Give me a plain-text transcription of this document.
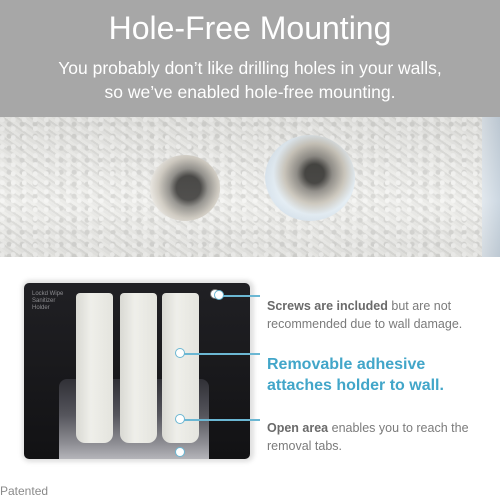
Hole-Free Mounting
You probably don’t like drilling holes in your walls,
so we’ve enabled hole-free mounting.
Lockd Wipe
Sanitizer Holder	Screws are included but are not recommended due to wall damage.
Removable adhesive
attaches holder to wall.
Open area enables you to reach the removal tabs.
Patented
